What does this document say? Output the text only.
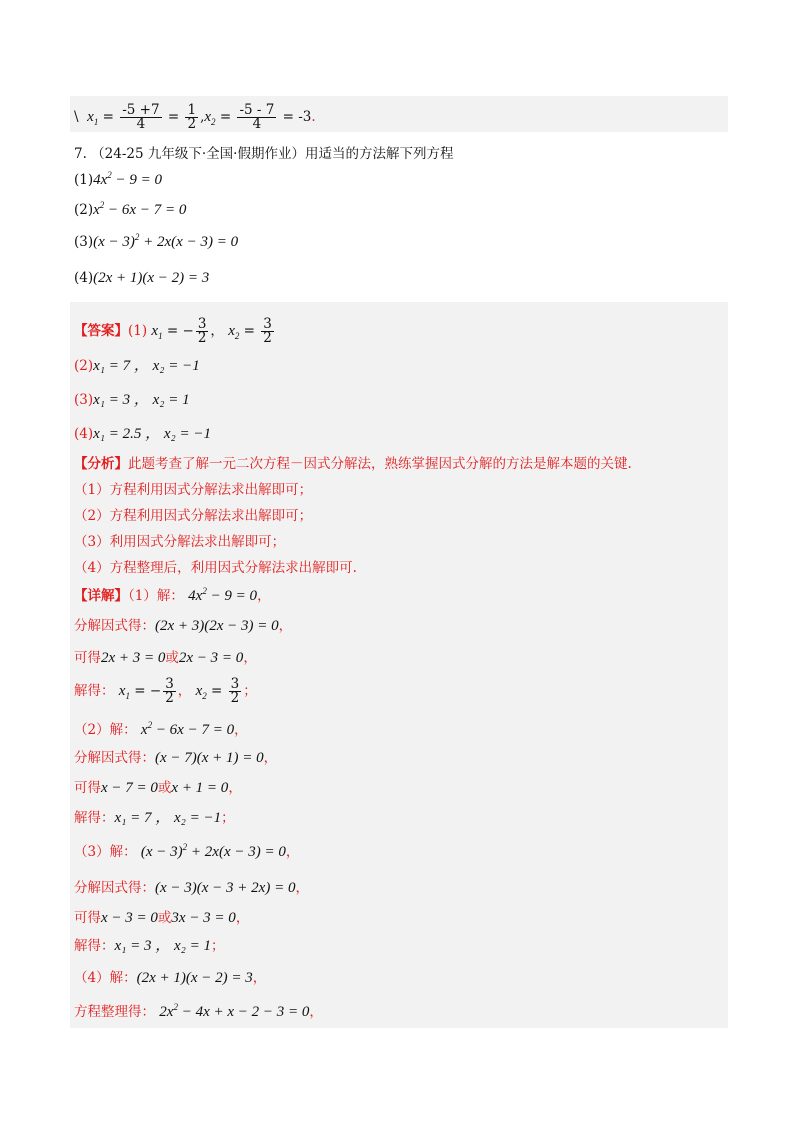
\ $x_1 = \frac{-5 +7}{4} = \frac{1}{2} ,x_2 = \frac{-5 - 7}{4} = -3$.
7. （24-25 九年级下·全国·假期作业）用适当的方法解下列方程
$(1)4x^2 - 9 = 0$
$(2)x^2 - 6x - 7 = 0$
$(3)(x - 3)^2 + 2x(x - 3) = 0$
(4)(2x + 1)(x − 2) = 3
【答案】(1) $x_1$ = − $\frac{3}{2}$ ， $x_2 = \frac{3}{2}$
(2)x₁ = 7 ， x₂ = −1
(3)x₁ = 3 ， x₂ = 1
(4)x₁ = 2.5 ， x₂ = −1
【分析】此题考查了解一元二次方程－因式分解法，熟练掌握因式分解的方法是解本题的关键.
（1）方程利用因式分解法求出解即可；
（2）方程利用因式分解法求出解即可；
（3）利用因式分解法求出解即可；
（4）方程整理后，利用因式分解法求出解即可.
【详解】（1）解： $4x^2 - 9 = 0$，
分解因式得：(2x + 3)(2x − 3) = 0，
可得2x + 3 = 0或2x − 3 = 0，
解得： $x_1$ = − $\frac{3}{2}$ ， $x_2 = \frac{3}{2}$ ；
（2）解： $x^2 - 6x - 7 = 0$，
分解因式得：(x − 7)(x + 1) = 0，
可得x − 7 = 0或x + 1 = 0，
解得：x₁ = 7 ， x₂ = −1；
（3）解： $(x - 3)^2 + 2x(x - 3) = 0$，
分解因式得：(x − 3)(x − 3 + 2x) = 0，
可得x − 3 = 0或3x − 3 = 0，
解得：x₁ = 3 ， x₂ = 1；
（4）解：(2x + 1)(x − 2) = 3，
方程整理得： $2x^2 - 4x + x - 2 - 3 = 0$，
